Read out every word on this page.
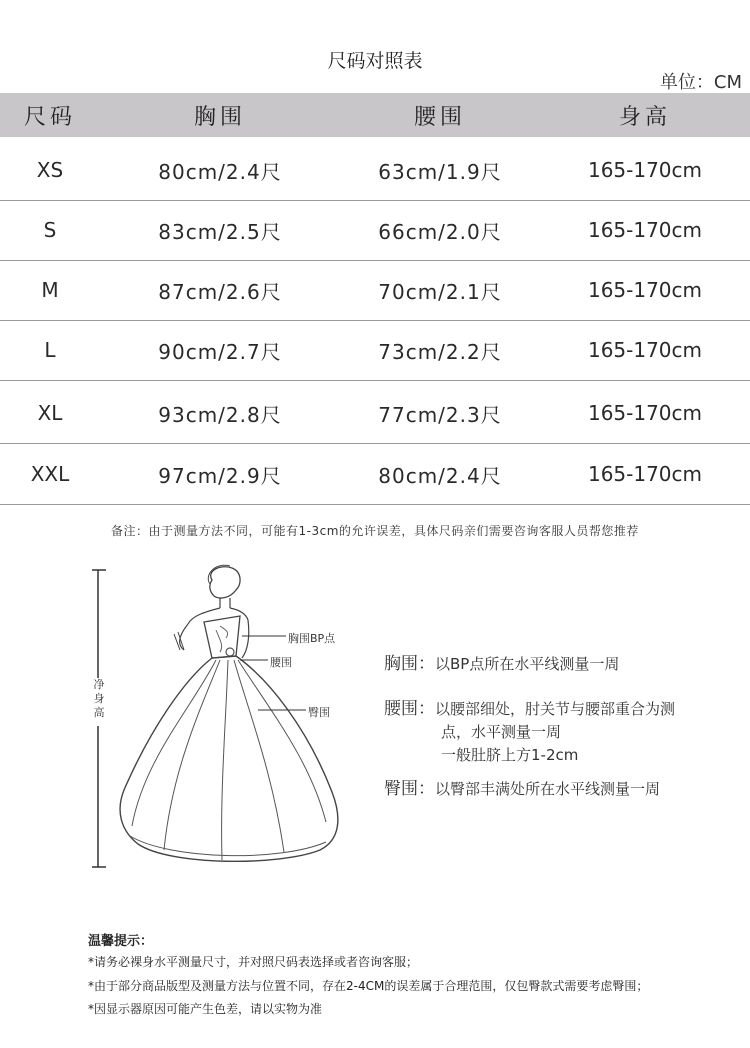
尺码对照表
单位：CM
尺码	胸围	腰围	身高
XS	80cm/2.4尺	63cm/1.9尺	165-170cm
S	83cm/2.5尺	66cm/2.0尺	165-170cm
M	87cm/2.6尺	70cm/2.1尺	165-170cm
L	90cm/2.7尺	73cm/2.2尺	165-170cm
XL	93cm/2.8尺	77cm/2.3尺	165-170cm
XXL	97cm/2.9尺	80cm/2.4尺	165-170cm
备注：由于测量方法不同，可能有1-3cm的允许误差，具体尺码亲们需要咨询客服人员帮您推荐
净
身
高
胸围BP点
腰围
臀围
胸围：以BP点所在水平线测量一周
腰围：以腰部细处，肘关节与腰部重合为测
点，水平测量一周
一般肚脐上方1-2cm
臀围：以臀部丰满处所在水平线测量一周
温馨提示：
*请务必裸身水平测量尺寸，并对照尺码表选择或者咨询客服；
*由于部分商品版型及测量方法与位置不同，存在2-4CM的误差属于合理范围，仅包臀款式需要考虑臀围；
*因显示器原因可能产生色差，请以实物为准
